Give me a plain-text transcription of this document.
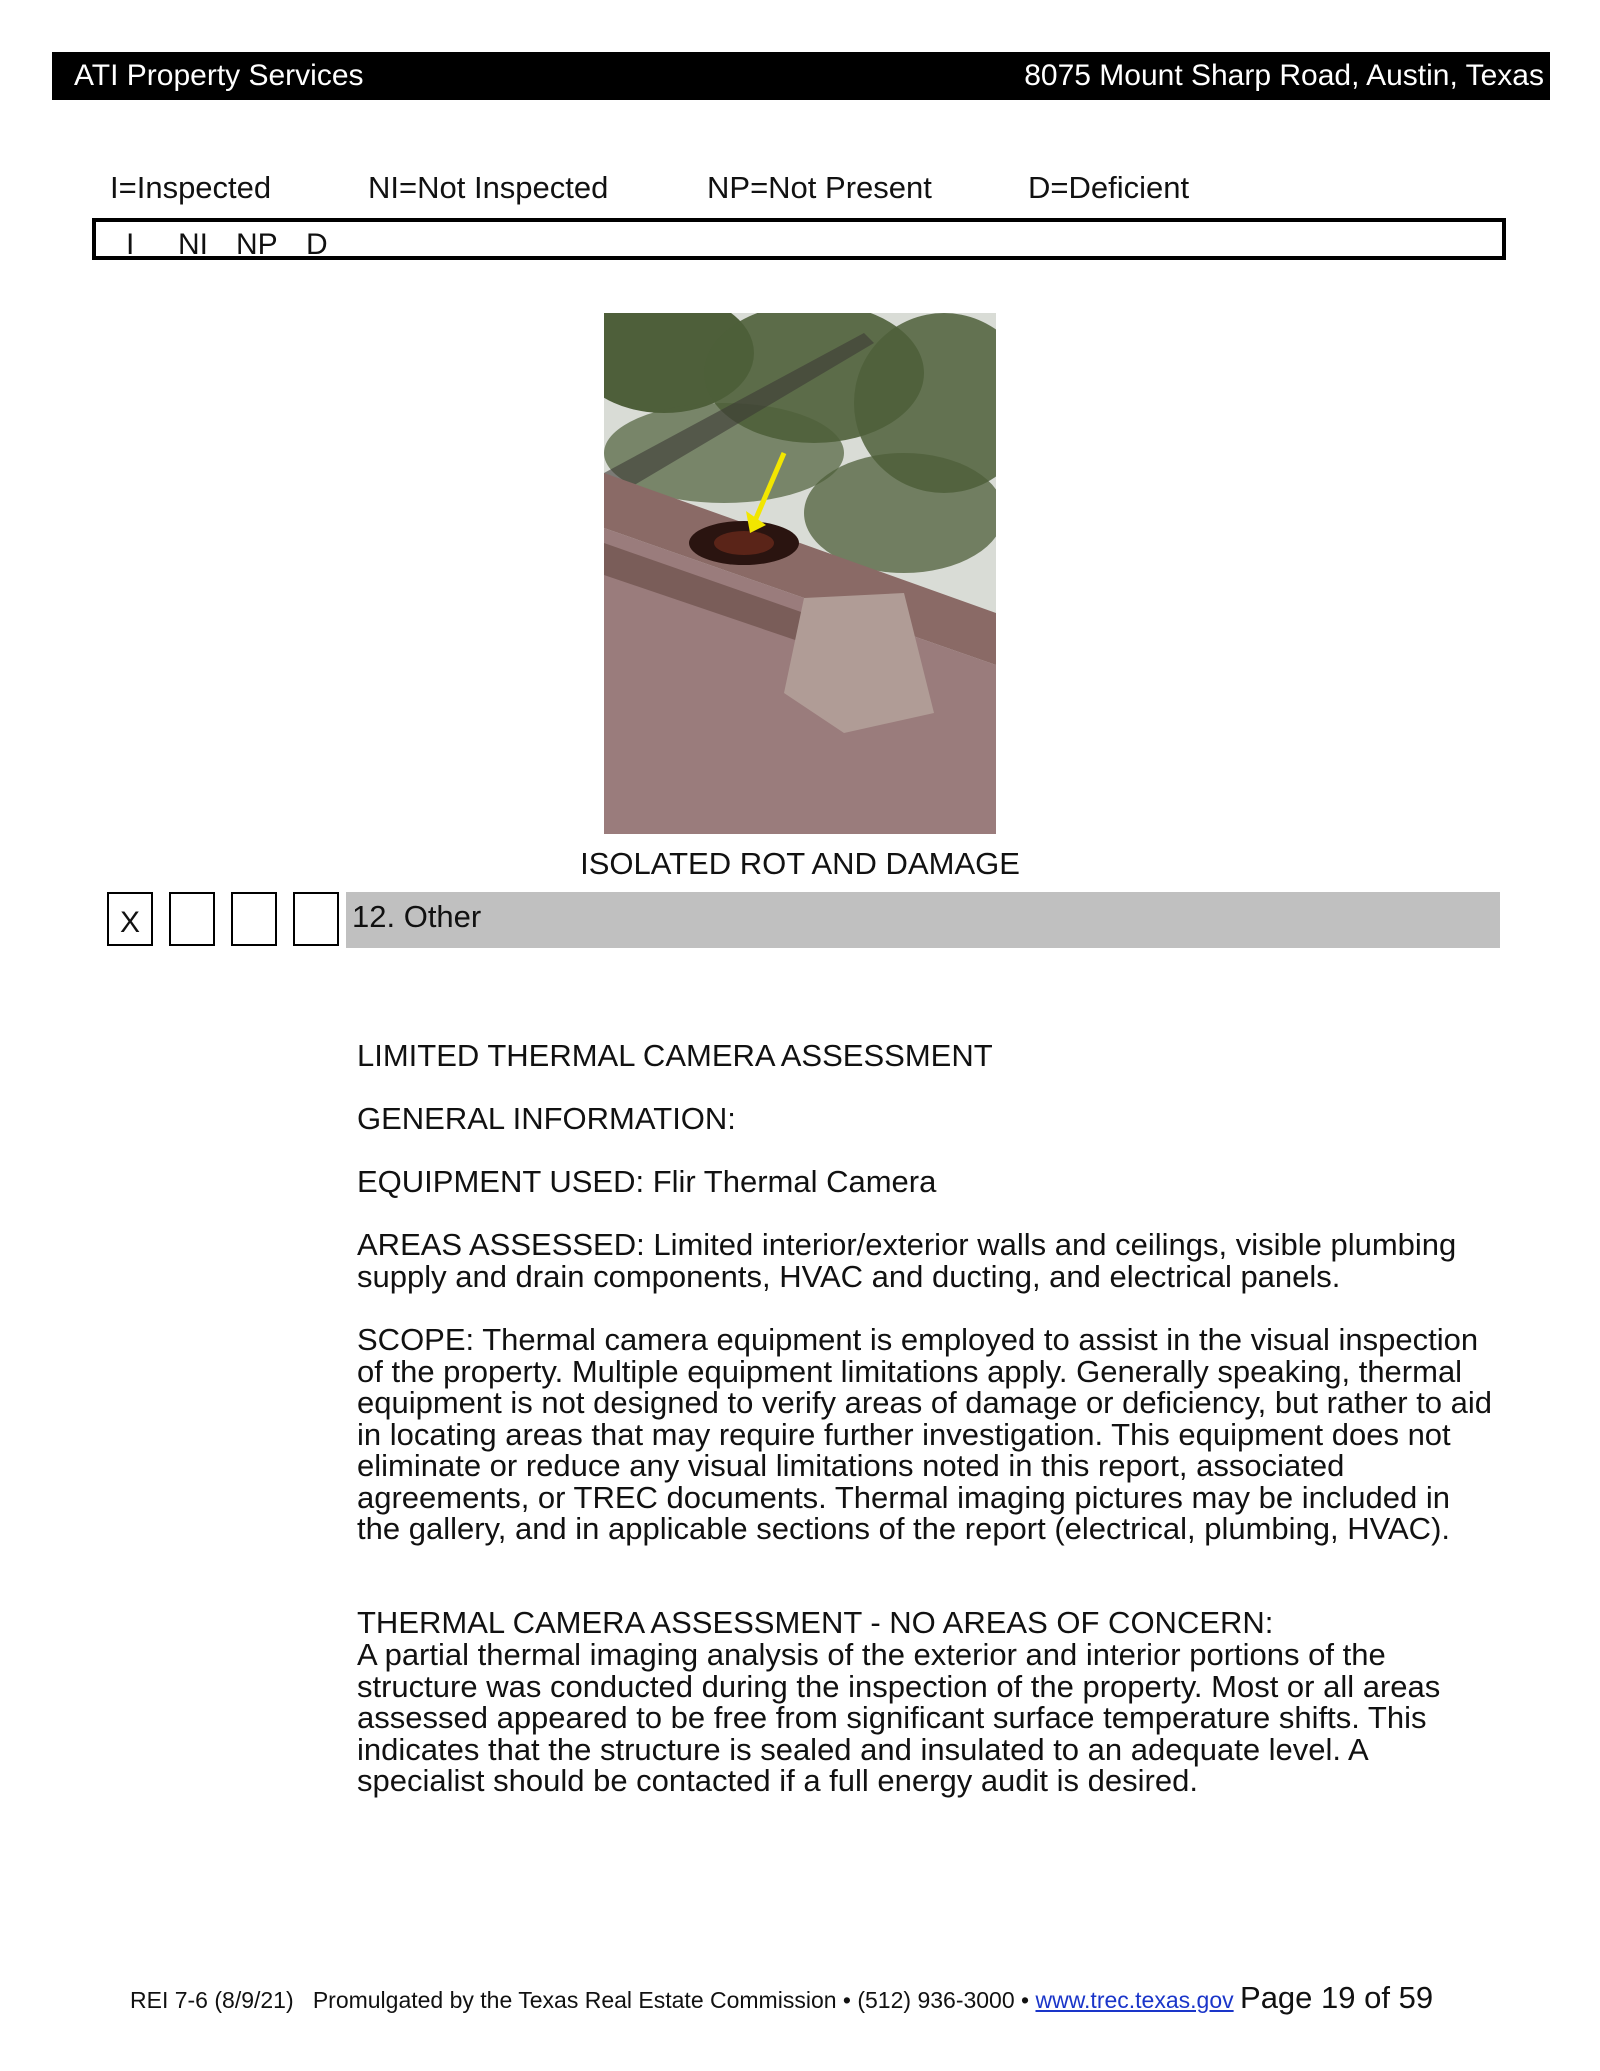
ATI Property Services	8075 Mount Sharp Road, Austin, Texas
I=Inspected	NI=Not Inspected	NP=Not Present	D=Deficient
I NI NP D
ISOLATED ROT AND DAMAGE
X	12. Other
LIMITED THERMAL CAMERA ASSESSMENT
GENERAL INFORMATION:
EQUIPMENT USED: Flir Thermal Camera
AREAS ASSESSED: Limited interior/exterior walls and ceilings, visible plumbing supply and drain components, HVAC and ducting, and electrical panels.
SCOPE: Thermal camera equipment is employed to assist in the visual inspection of the property. Multiple equipment limitations apply. Generally speaking, thermal equipment is not designed to verify areas of damage or deficiency, but rather to aid in locating areas that may require further investigation. This equipment does not eliminate or reduce any visual limitations noted in this report, associated agreements, or TREC documents. Thermal imaging pictures may be included in the gallery, and in applicable sections of the report (electrical, plumbing, HVAC).
THERMAL CAMERA ASSESSMENT - NO AREAS OF CONCERN:
A partial thermal imaging analysis of the exterior and interior portions of the structure was conducted during the inspection of the property. Most or all areas assessed appeared to be free from significant surface temperature shifts. This indicates that the structure is sealed and insulated to an adequate level. A specialist should be contacted if a full energy audit is desired.
REI 7-6 (8/9/21) Promulgated by the Texas Real Estate Commission • (512) 936-3000 • www.trec.texas.gov Page 19 of 59
